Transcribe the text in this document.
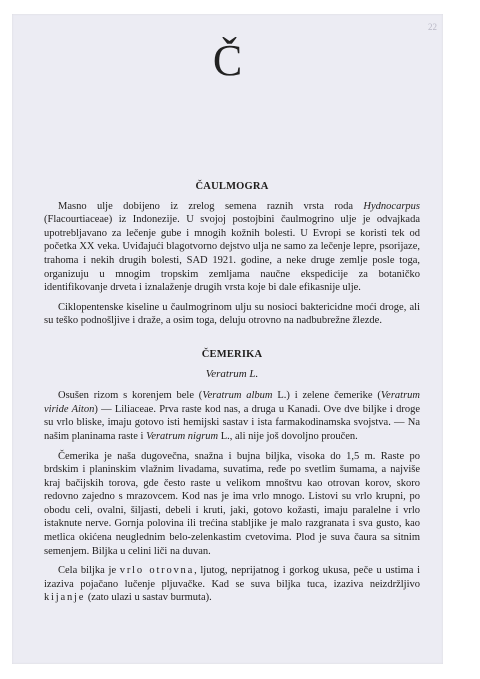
22
Č
ČAULMOGRA

Masno ulje dobijeno iz zrelog semena raznih vrsta roda Hydnocarpus (Flacourtiaceae) iz Indonezije. U svojoj postojbini čaulmogrino ulje je odvajkada upotrebljavano za lečenje gube i mnogih kožnih bolesti. U Evropi se koristi tek od početka XX veka. Uviđajući blagotvorno dejstvo ulja ne samo za lečenje lepre, psorijaze, trahoma i nekih drugih bolesti, SAD 1921. godine, a neke druge zemlje posle toga, organizuju u mnogim tropskim zemljama naučne ekspedicije za botaničko identifikovanje drveta i iznalaženje drugih vrsta koje bi dale efikasnije ulje.

Ciklopentenske kiseline u čaulmogrinom ulju su nosioci baktericidne moći droge, ali su teško podnošljive i draže, a osim toga, deluju otrovno na nadbubrežne žlezde.

ČEMERIKA
Veratrum L.

Osušen rizom s korenjem bele (Veratrum album L.) i zelene čemerike (Veratrum viride Aiton) — Liliaceae. Prva raste kod nas, a druga u Kanadi. Ove dve biljke i droge su vrlo bliske, imaju gotovo isti hemijski sastav i ista farmakodinamska svojstva. — Na našim planinama raste i Veratrum nigrum L., ali nije još dovoljno proučen.

Čemerika je naša dugovečna, snažna i bujna biljka, visoka do 1,5 m. Raste po brdskim i planinskim vlažnim livadama, suvatima, ređe po svetlim šumama, a najviše kraj bačijskih torova, gde često raste u velikom mnoštvu kao otrovan korov, skoro redovno zajedno s mrazovcem. Kod nas je ima vrlo mnogo. Listovi su vrlo krupni, po obodu celi, ovalni, šiljasti, debeli i kruti, jaki, gotovo kožasti, imaju paralelne i vrlo istaknute nerve. Gornja polovina ili trećina stabljike je malo razgranata i sva gusto, kao metlica okićena neuglednim belo-zelenkastim cvetovima. Plod je suva čaura sa sitnim semenjem. Biljka u celini liči na duvan.

Cela biljka je vrlo otrovna, ljutog, neprijatnog i gorkog ukusa, peče u ustima i izaziva pojačano lučenje pljuvačke. Kad se suva biljka tuca, izaziva neizdržljivo kijanje (zato ulazi u sastav burmuta).
